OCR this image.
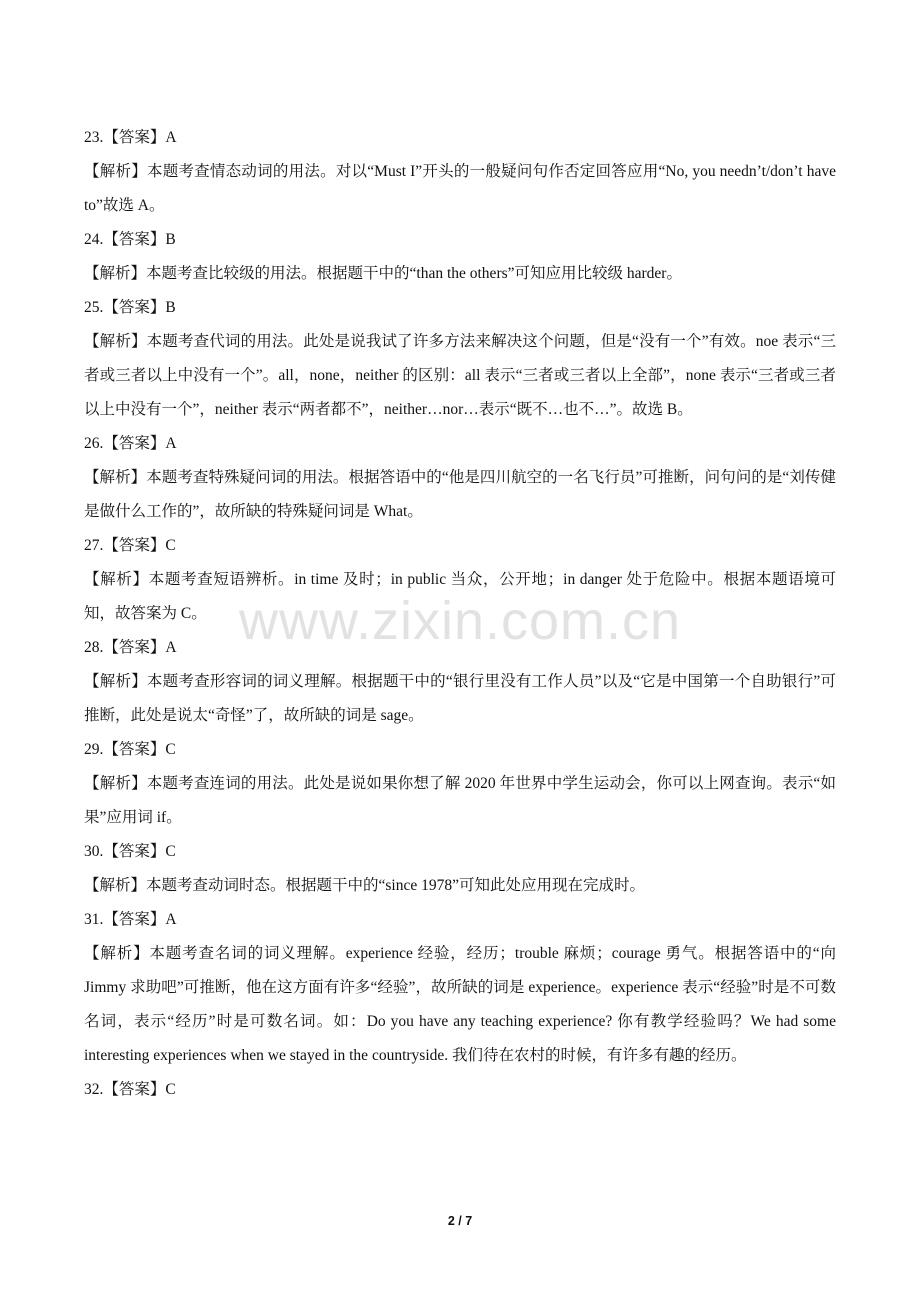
23.【答案】A

【解析】本题考查情态动词的用法。对以“Must I”开头的一般疑问句作否定回答应用“No, you needn’t/don’t have to”故选 A。

24.【答案】B

【解析】本题考查比较级的用法。根据题干中的“than the others”可知应用比较级 harder。

25.【答案】B

【解析】本题考查代词的用法。此处是说我试了许多方法来解决这个问题，但是“没有一个”有效。noe 表示“三者或三者以上中没有一个”。all，none，neither 的区别：all 表示“三者或三者以上全部”，none 表示“三者或三者以上中没有一个”，neither 表示“两者都不”，neither…nor…表示“既不…也不…”。故选 B。

26.【答案】A

【解析】本题考查特殊疑问词的用法。根据答语中的“他是四川航空的一名飞行员”可推断，问句问的是“刘传健是做什么工作的”，故所缺的特殊疑问词是 What。

27.【答案】C

【解析】本题考查短语辨析。in time 及时；in public 当众，公开地；in danger 处于危险中。根据本题语境可知，故答案为 C。

28.【答案】A

【解析】本题考查形容词的词义理解。根据题干中的“银行里没有工作人员”以及“它是中国第一个自助银行”可推断，此处是说太“奇怪”了，故所缺的词是 sage。

29.【答案】C

【解析】本题考查连词的用法。此处是说如果你想了解 2020 年世界中学生运动会，你可以上网查询。表示“如果”应用词 if。

30.【答案】C

【解析】本题考查动词时态。根据题干中的“since 1978”可知此处应用现在完成时。

31.【答案】A

【解析】本题考查名词的词义理解。experience 经验，经历；trouble 麻烦；courage 勇气。根据答语中的“向 Jimmy 求助吧”可推断，他在这方面有许多“经验”，故所缺的词是 experience。experience 表示“经验”时是不可数名词，表示“经历”时是可数名词。如：Do you have any teaching experience? 你有教学经验吗？We had some interesting experiences when we stayed in the countryside. 我们待在农村的时候，有许多有趣的经历。

32.【答案】C

www.zixin.com.cn
2 / 7
